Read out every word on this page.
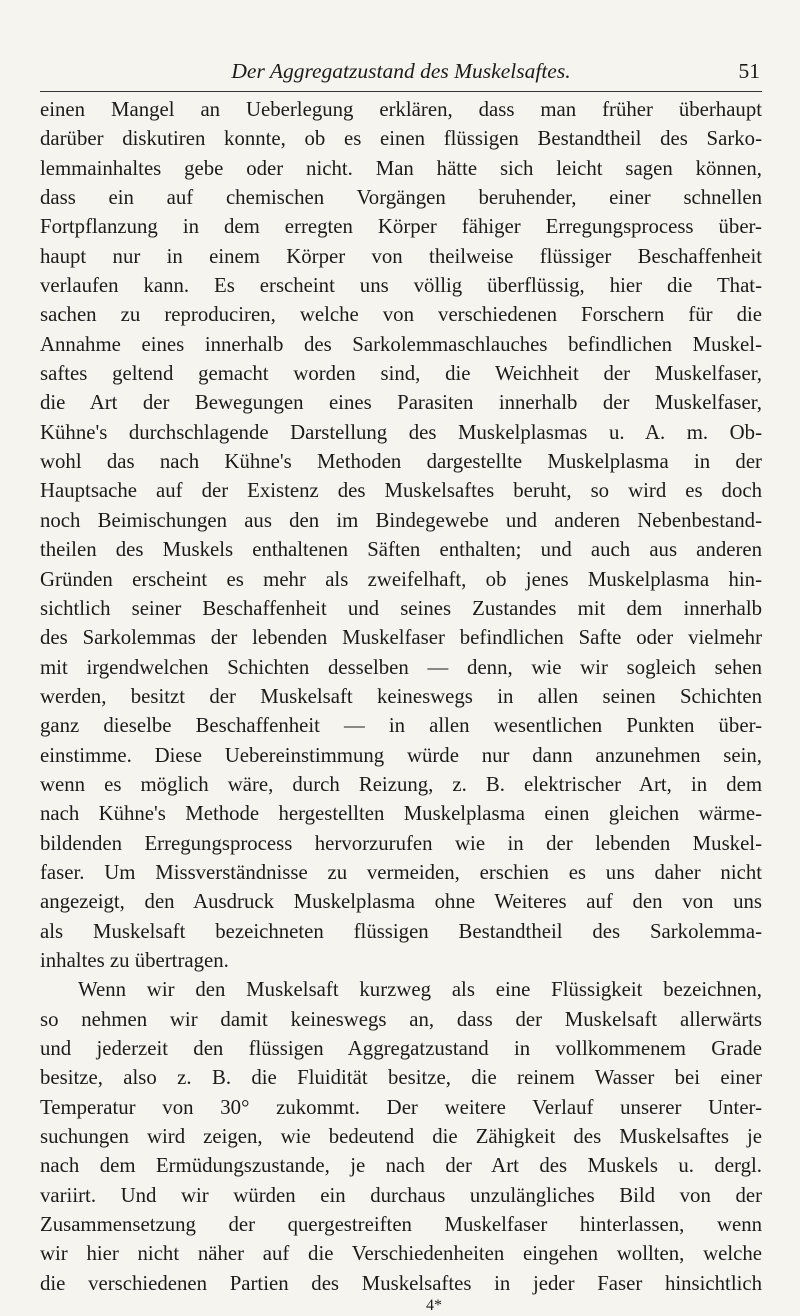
Der Aggregatzustand des Muskelsaftes.	51
einen Mangel an Ueberlegung erklären, dass man früher überhaupt
darüber diskutiren konnte, ob es einen flüssigen Bestandtheil des Sarko-
lemmainhaltes gebe oder nicht. Man hätte sich leicht sagen können,
dass ein auf chemischen Vorgängen beruhender, einer schnellen
Fortpflanzung in dem erregten Körper fähiger Erregungsprocess über-
haupt nur in einem Körper von theilweise flüssiger Beschaffenheit
verlaufen kann. Es erscheint uns völlig überflüssig, hier die That-
sachen zu reproduciren, welche von verschiedenen Forschern für die
Annahme eines innerhalb des Sarkolemmaschlauches befindlichen Muskel-
saftes geltend gemacht worden sind, die Weichheit der Muskelfaser,
die Art der Bewegungen eines Parasiten innerhalb der Muskelfaser,
Kühne's durchschlagende Darstellung des Muskelplasmas u. A. m. Ob-
wohl das nach Kühne's Methoden dargestellte Muskelplasma in der
Hauptsache auf der Existenz des Muskelsaftes beruht, so wird es doch
noch Beimischungen aus den im Bindegewebe und anderen Nebenbestand-
theilen des Muskels enthaltenen Säften enthalten; und auch aus anderen
Gründen erscheint es mehr als zweifelhaft, ob jenes Muskelplasma hin-
sichtlich seiner Beschaffenheit und seines Zustandes mit dem innerhalb
des Sarkolemmas der lebenden Muskelfaser befindlichen Safte oder vielmehr
mit irgendwelchen Schichten desselben — denn, wie wir sogleich sehen
werden, besitzt der Muskelsaft keineswegs in allen seinen Schichten
ganz dieselbe Beschaffenheit — in allen wesentlichen Punkten über-
einstimme. Diese Uebereinstimmung würde nur dann anzunehmen sein,
wenn es möglich wäre, durch Reizung, z. B. elektrischer Art, in dem
nach Kühne's Methode hergestellten Muskelplasma einen gleichen wärme-
bildenden Erregungsprocess hervorzurufen wie in der lebenden Muskel-
faser. Um Missverständnisse zu vermeiden, erschien es uns daher nicht
angezeigt, den Ausdruck Muskelplasma ohne Weiteres auf den von uns
als Muskelsaft bezeichneten flüssigen Bestandtheil des Sarkolemma-
inhaltes zu übertragen.
Wenn wir den Muskelsaft kurzweg als eine Flüssigkeit bezeichnen,
so nehmen wir damit keineswegs an, dass der Muskelsaft allerwärts
und jederzeit den flüssigen Aggregatzustand in vollkommenem Grade
besitze, also z. B. die Fluidität besitze, die reinem Wasser bei einer
Temperatur von 30° zukommt. Der weitere Verlauf unserer Unter-
suchungen wird zeigen, wie bedeutend die Zähigkeit des Muskelsaftes je
nach dem Ermüdungszustande, je nach der Art des Muskels u. dergl.
variirt. Und wir würden ein durchaus unzulängliches Bild von der
Zusammensetzung der quergestreiften Muskelfaser hinterlassen, wenn
wir hier nicht näher auf die Verschiedenheiten eingehen wollten, welche
die verschiedenen Partien des Muskelsaftes in jeder Faser hinsichtlich
4*
